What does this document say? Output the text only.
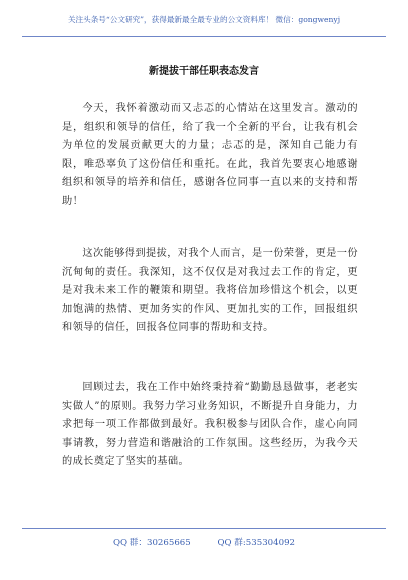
关注头条号“公文研究”，获得最新最全最专业的公文资料库！ 微信：gongwenyj
新提拔干部任职表态发言
今天，我怀着激动而又忐忑的心情站在这里发言。激动的是，组织和领导的信任，给了我一个全新的平台，让我有机会为单位的发展贡献更大的力量；忐忑的是，深知自己能力有限，唯恐辜负了这份信任和重托。在此，我首先要衷心地感谢组织和领导的培养和信任，感谢各位同事一直以来的支持和帮助！
这次能够得到提拔，对我个人而言，是一份荣誉，更是一份沉甸甸的责任。我深知，这不仅仅是对我过去工作的肯定，更是对我未来工作的鞭策和期望。我将倍加珍惜这个机会，以更加饱满的热情、更加务实的作风、更加扎实的工作，回报组织和领导的信任，回报各位同事的帮助和支持。
回顾过去，我在工作中始终秉持着“勤勤恳恳做事，老老实实做人”的原则。我努力学习业务知识，不断提升自身能力，力求把每一项工作都做到最好。我积极参与团队合作，虚心向同事请教，努力营造和谐融洽的工作氛围。这些经历，为我今天的成长奠定了坚实的基础。
QQ 群：30265665	QQ 群:535304092
